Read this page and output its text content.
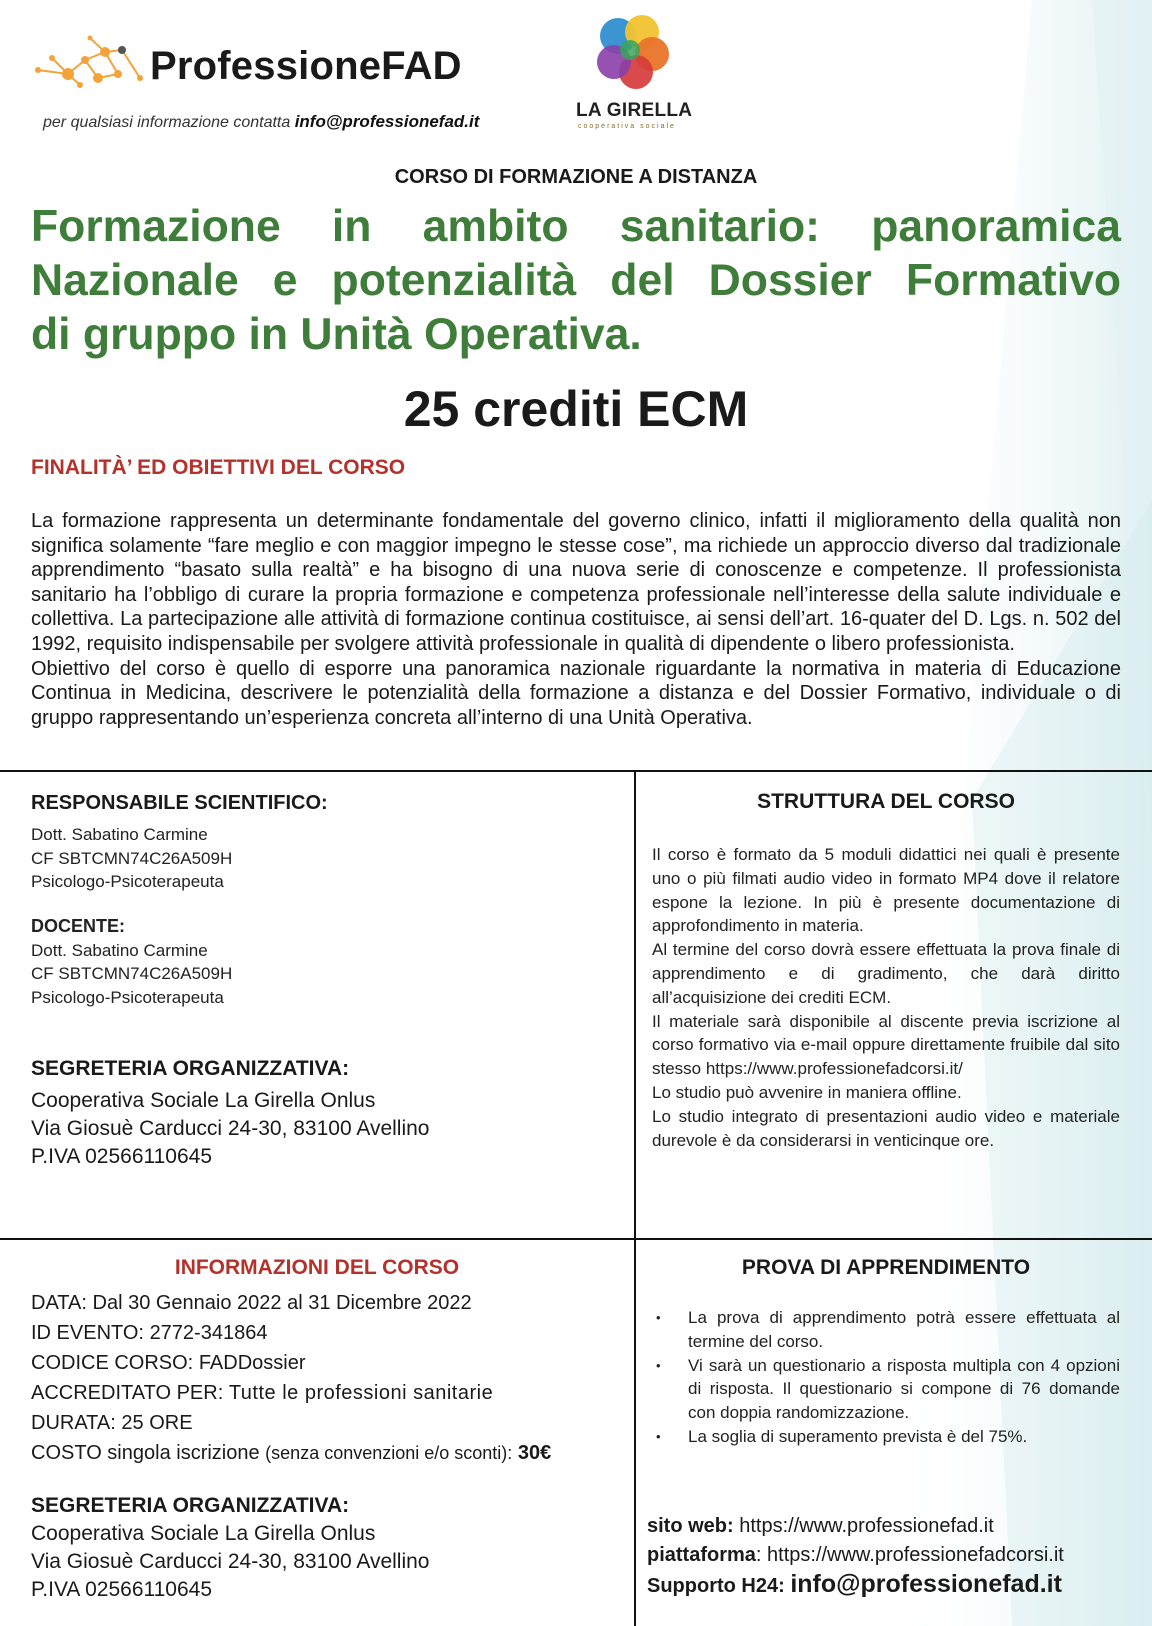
ProfessioneFAD
per qualsiasi informazione contatta info@professionefad.it
LA GIRELLA
cooperativa sociale
CORSO DI FORMAZIONE A DISTANZA
Formazione in ambito sanitario: panoramica
Nazionale e potenzialità del Dossier Formativo
di gruppo in Unità Operativa.
25 crediti ECM
FINALITÀ’ ED OBIETTIVI DEL CORSO
La formazione rappresenta un determinante fondamentale del governo clinico, infatti il miglioramento della qualità non significa solamente “fare meglio e con maggior impegno le stesse cose”, ma richiede un approccio diverso dal tradizionale apprendimento “basato sulla realtà” e ha bisogno di una nuova serie di conoscenze e competenze. Il professionista sanitario ha l’obbligo di curare la propria formazione e competenza professionale nell’interesse della salute individuale e collettiva. La partecipazione alle attività di formazione continua costituisce, ai sensi dell’art. 16-quater del D. Lgs. n. 502 del 1992, requisito indispensabile per svolgere attività professionale in qualità di dipendente o libero professionista.
Obiettivo del corso è quello di esporre una panoramica nazionale riguardante la normativa in materia di Educazione Continua in Medicina, descrivere le potenzialità della formazione a distanza e del Dossier Formativo, individuale o di gruppo rappresentando un’esperienza concreta all’interno di una Unità Operativa.
RESPONSABILE SCIENTIFICO:
Dott. Sabatino Carmine
CF SBTCMN74C26A509H
Psicologo-Psicoterapeuta
DOCENTE:
Dott. Sabatino Carmine
CF SBTCMN74C26A509H
Psicologo-Psicoterapeuta
SEGRETERIA ORGANIZZATIVA:
Cooperativa Sociale La Girella Onlus
Via Giosuè Carducci 24-30, 83100 Avellino
P.IVA 02566110645
STRUTTURA DEL CORSO
Il corso è formato da 5 moduli didattici nei quali è presente uno o più filmati audio video in formato MP4 dove il relatore espone la lezione. In più è presente documentazione di approfondimento in materia.
Al termine del corso dovrà essere effettuata la prova finale di apprendimento e di gradimento, che darà diritto all’acquisizione dei crediti ECM.
Il materiale sarà disponibile al discente previa iscrizione al corso formativo via e-mail oppure direttamente fruibile dal sito stesso https://www.professionefadcorsi.it/
Lo studio può avvenire in maniera offline.
Lo studio integrato di presentazioni audio video e materiale durevole è da considerarsi in venticinque ore.
INFORMAZIONI DEL CORSO
DATA: Dal 30 Gennaio 2022 al 31 Dicembre 2022
ID EVENTO: 2772-341864
CODICE CORSO: FADDossier
ACCREDITATO PER: Tutte le professioni sanitarie
DURATA: 25 ORE
COSTO singola iscrizione (senza convenzioni e/o sconti): 30€
SEGRETERIA ORGANIZZATIVA:
Cooperativa Sociale La Girella Onlus
Via Giosuè Carducci 24-30, 83100 Avellino
P.IVA 02566110645
PROVA DI APPRENDIMENTO
• La prova di apprendimento potrà essere effettuata al termine del corso.
• Vi sarà un questionario a risposta multipla con 4 opzioni di risposta. Il questionario si compone di 76 domande con doppia randomizzazione.
• La soglia di superamento prevista è del 75%.
sito web: https://www.professionefad.it
piattaforma: https://www.professionefadcorsi.it
Supporto H24: info@professionefad.it
